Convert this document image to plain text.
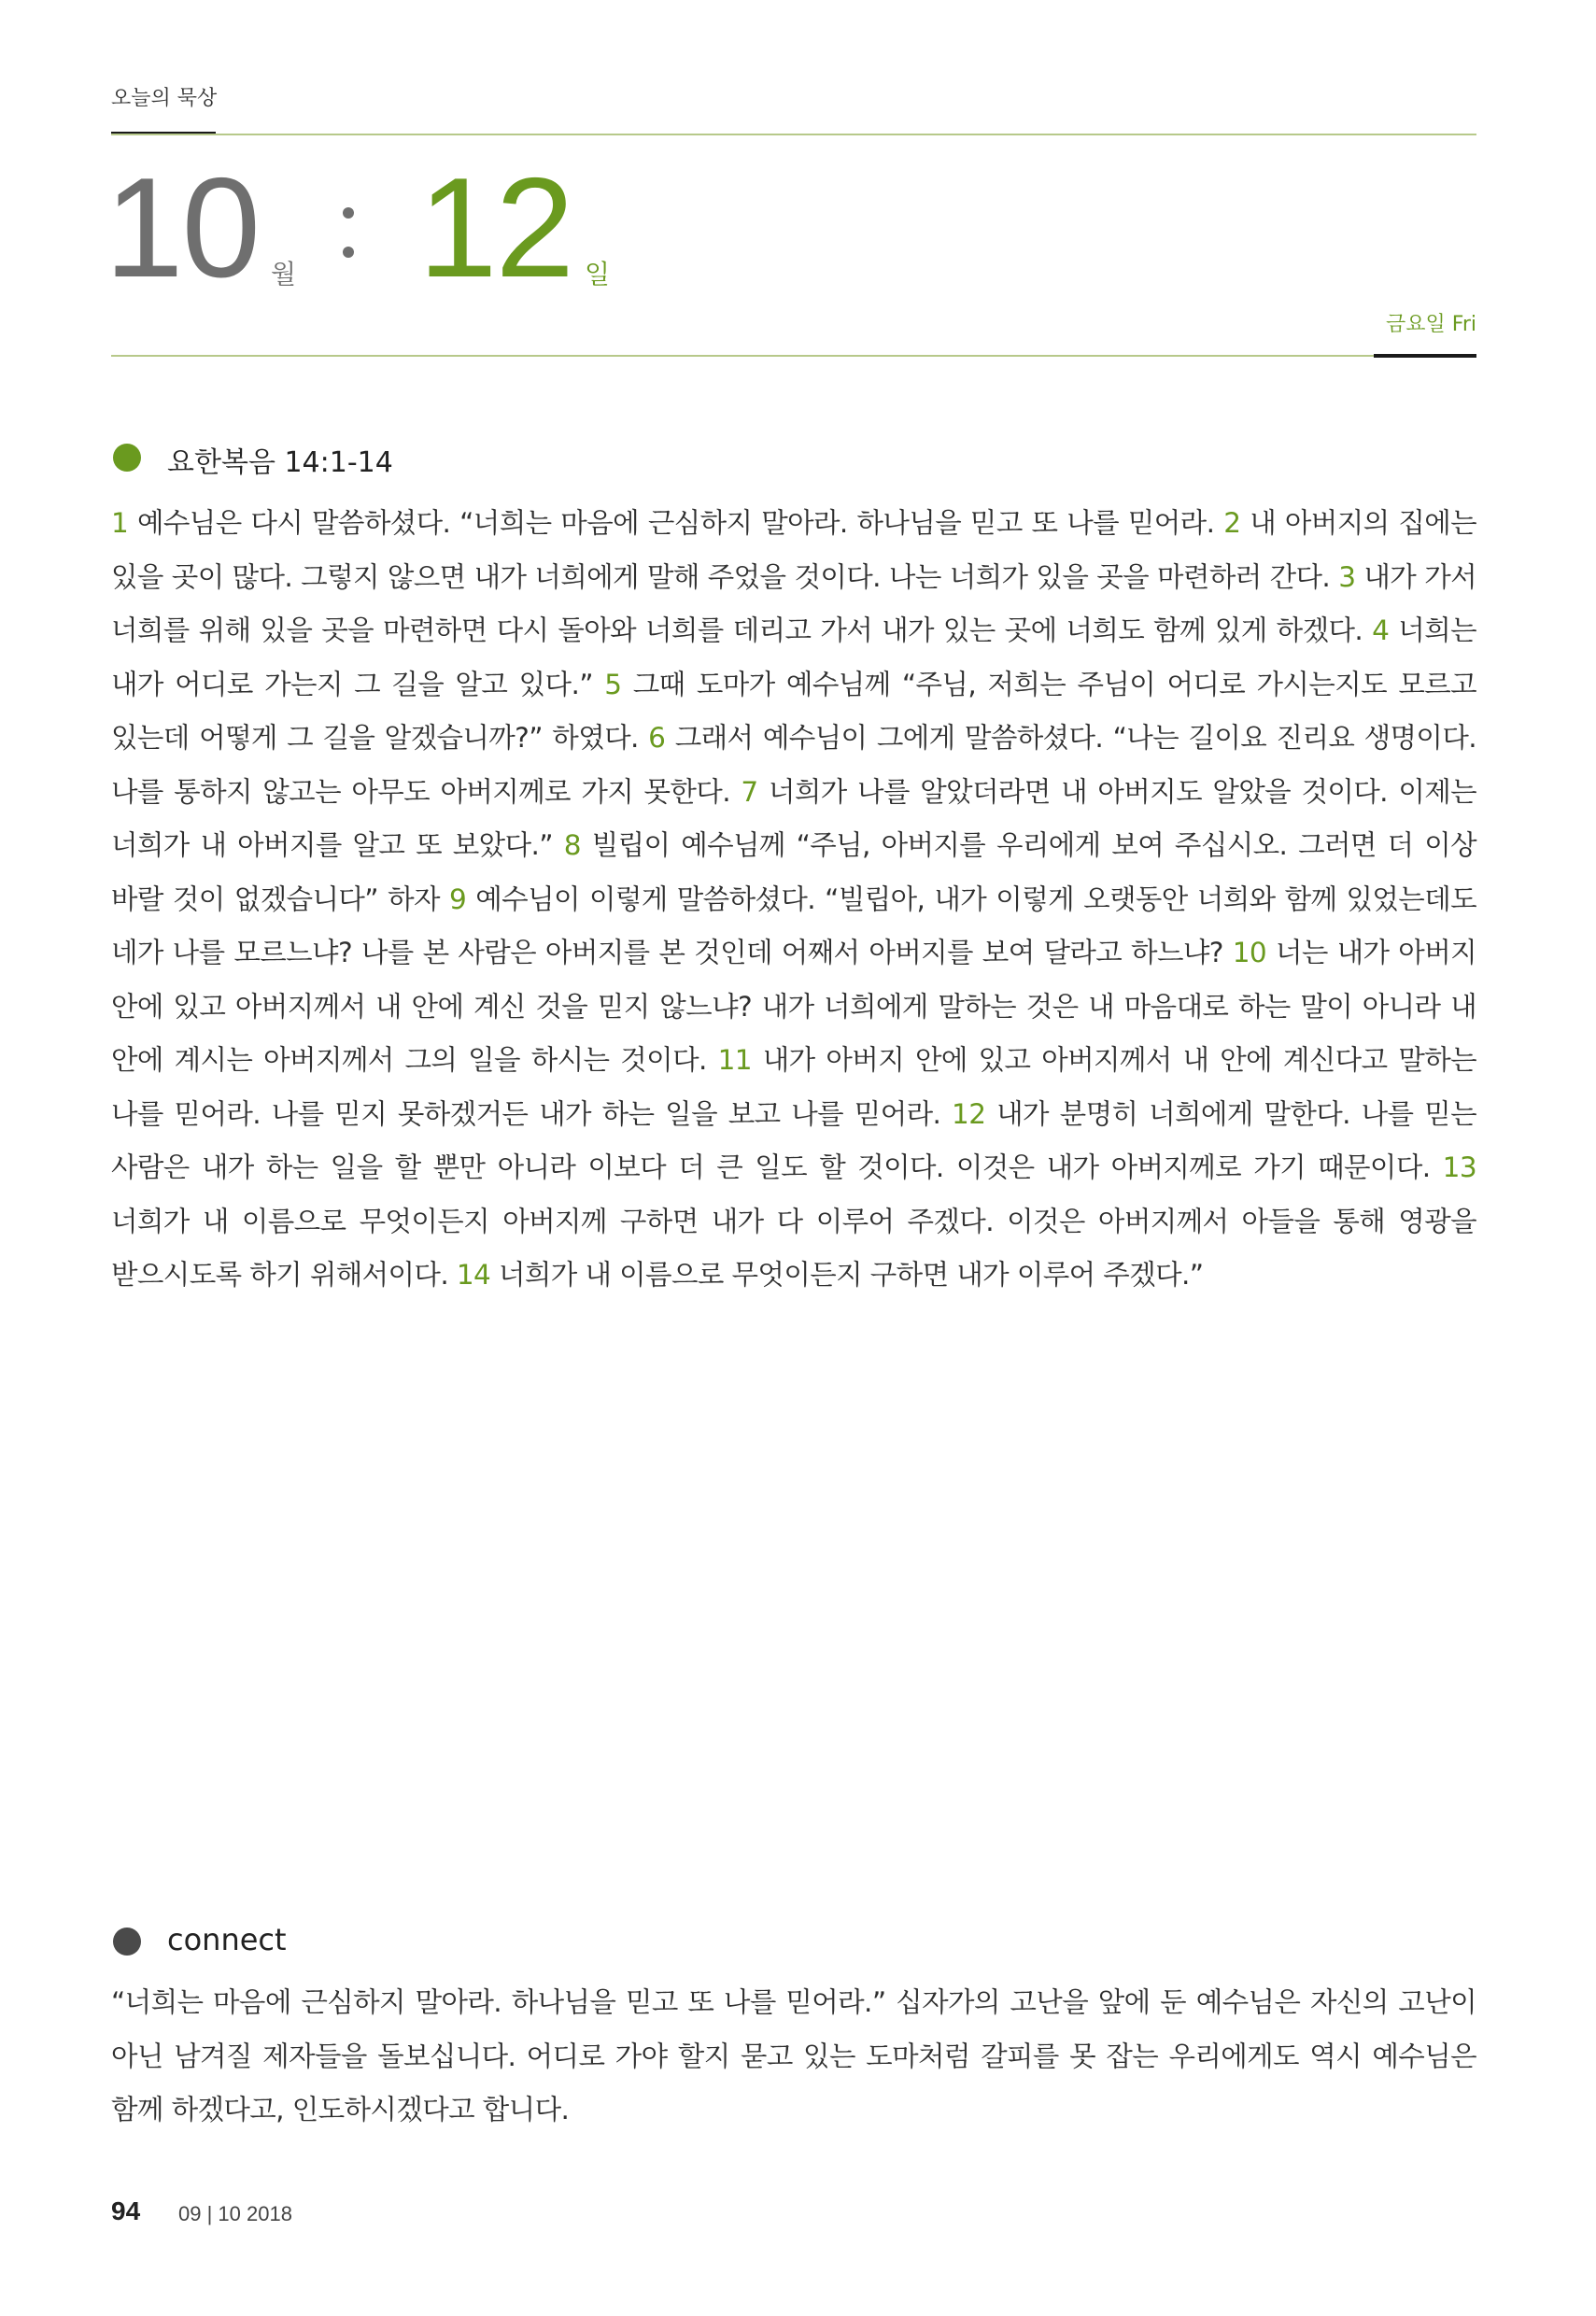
오늘의 묵상
10 월 12 일
금요일 Fri
요한복음 14:1-14
1 예수님은 다시 말씀하셨다. “너희는 마음에 근심하지 말아라. 하나님을 믿고 또 나를 믿어라. 2 내 아버지의 집에는 있을 곳이 많다. 그렇지 않으면 내가 너희에게 말해 주었을 것이다. 나는 너희가 있을 곳을 마련하러 간다. 3 내가 가서 너희를 위해 있을 곳을 마련하면 다시 돌아와 너희를 데리고 가서 내가 있는 곳에 너희도 함께 있게 하겠다. 4 너희는 내가 어디로 가는지 그 길을 알고 있다.” 5 그때 도마가 예수님께 “주님, 저희는 주님이 어디로 가시는지도 모르고 있는데 어떻게 그 길을 알겠습니까?” 하였다. 6 그래서 예수님이 그에게 말씀하셨다. “나는 길이요 진리요 생명이다. 나를 통하지 않고는 아무도 아버지께로 가지 못한다. 7 너희가 나를 알았더라면 내 아버지도 알았을 것이다. 이제는 너희가 내 아버지를 알고 또 보았다.” 8 빌립이 예수님께 “주님, 아버지를 우리에게 보여 주십시오. 그러면 더 이상 바랄 것이 없겠습니다” 하자 9 예수님이 이렇게 말씀하셨다. “빌립아, 내가 이렇게 오랫동안 너희와 함께 있었는데도 네가 나를 모르느냐? 나를 본 사람은 아버지를 본 것인데 어째서 아버지를 보여 달라고 하느냐? 10 너는 내가 아버지 안에 있고 아버지께서 내 안에 계신 것을 믿지 않느냐? 내가 너희에게 말하는 것은 내 마음대로 하는 말이 아니라 내 안에 계시는 아버지께서 그의 일을 하시는 것이다. 11 내가 아버지 안에 있고 아버지께서 내 안에 계신다고 말하는 나를 믿어라. 나를 믿지 못하겠거든 내가 하는 일을 보고 나를 믿어라. 12 내가 분명히 너희에게 말한다. 나를 믿는 사람은 내가 하는 일을 할 뿐만 아니라 이보다 더 큰 일도 할 것이다. 이것은 내가 아버지께로 가기 때문이다. 13 너희가 내 이름으로 무엇이든지 아버지께 구하면 내가 다 이루어 주겠다. 이것은 아버지께서 아들을 통해 영광을 받으시도록 하기 위해서이다. 14 너희가 내 이름으로 무엇이든지 구하면 내가 이루어 주겠다.”
connect
“너희는 마음에 근심하지 말아라. 하나님을 믿고 또 나를 믿어라.” 십자가의 고난을 앞에 둔 예수님은 자신의 고난이 아닌 남겨질 제자들을 돌보십니다. 어디로 가야 할지 묻고 있는 도마처럼 갈피를 못 잡는 우리에게도 역시 예수님은 함께 하겠다고, 인도하시겠다고 합니다.
94 09 | 10 2018
